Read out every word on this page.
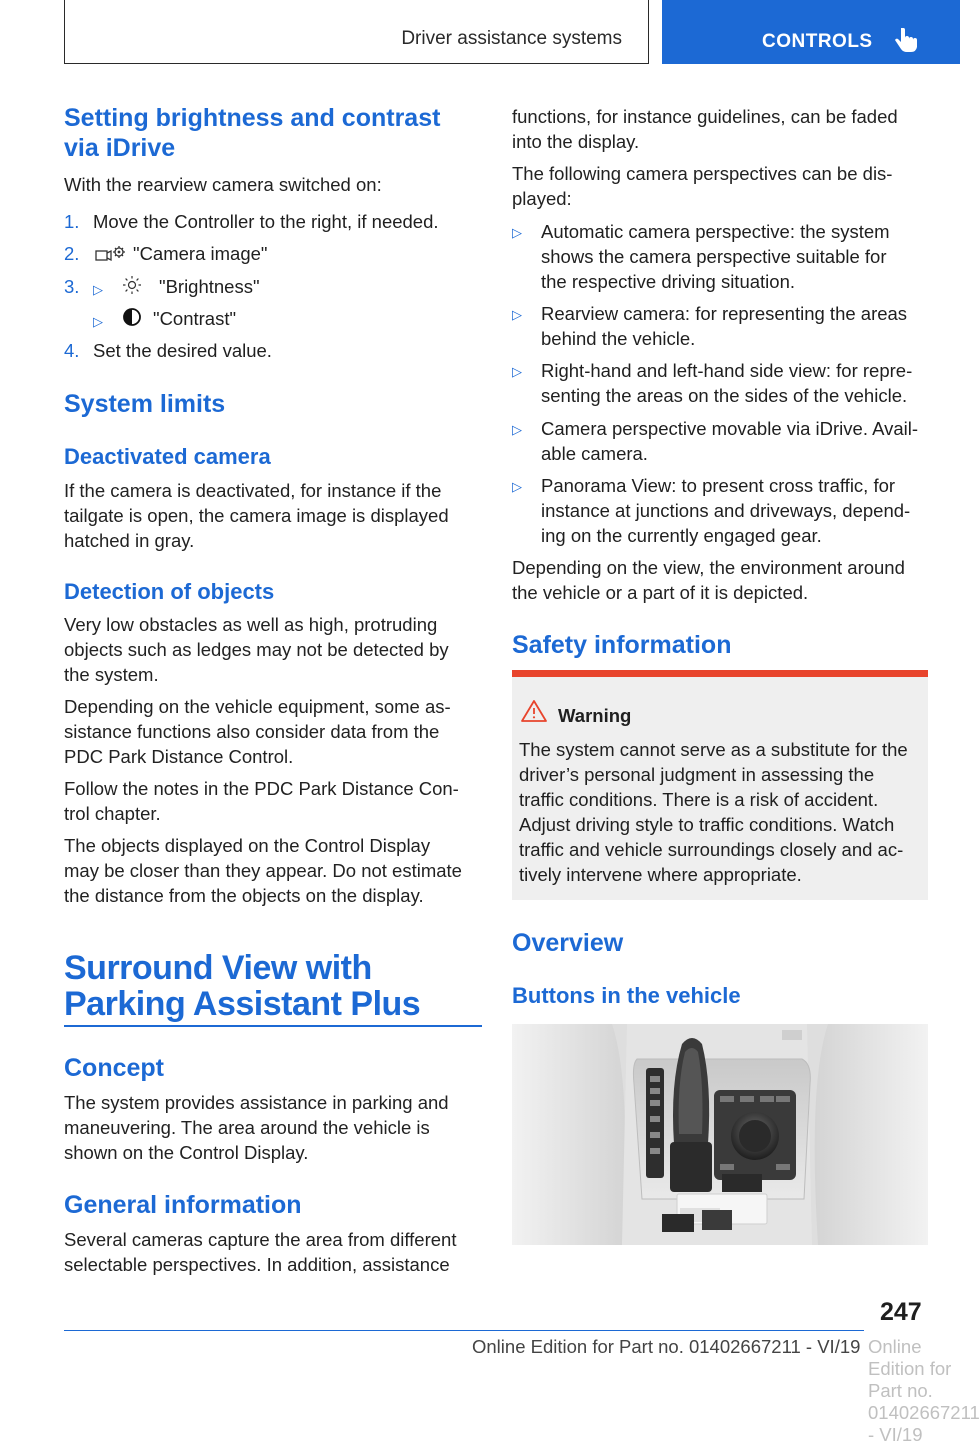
Driver assistance systems	CONTROLS
Setting brightness and contrast
via iDrive
With the rearview camera switched on:
1. Move the Controller to the right, if needed.
2.	"Camera image"
3. ▷	"Brightness"
▷	"Contrast"
4. Set the desired value.
System limits
Deactivated camera
If the camera is deactivated, for instance if the
tailgate is open, the camera image is displayed
hatched in gray.
Detection of objects
Very low obstacles as well as high, protruding
objects such as ledges may not be detected by
the system.
Depending on the vehicle equipment, some as-
sistance functions also consider data from the
PDC Park Distance Control.
Follow the notes in the PDC Park Distance Con-
trol chapter.
The objects displayed on the Control Display
may be closer than they appear. Do not estimate
the distance from the objects on the display.
Surround View with
Parking Assistant Plus
Concept
The system provides assistance in parking and
maneuvering. The area around the vehicle is
shown on the Control Display.
General information
Several cameras capture the area from different
selectable perspectives. In addition, assistance
functions, for instance guidelines, can be faded
into the display.
The following camera perspectives can be dis-
played:
▷ Automatic camera perspective: the system
shows the camera perspective suitable for
the respective driving situation.
▷ Rearview camera: for representing the areas
behind the vehicle.
▷ Right-hand and left-hand side view: for repre-
senting the areas on the sides of the vehicle.
▷ Camera perspective movable via iDrive. Avail-
able camera.
▷ Panorama View: to present cross traffic, for
instance at junctions and driveways, depend-
ing on the currently engaged gear.
Depending on the view, the environment around
the vehicle or a part of it is depicted.
Safety information
Overview
Buttons in the vehicle
Warning
The system cannot serve as a substitute for the
driver’s personal judgment in assessing the
traffic conditions. There is a risk of accident.
Adjust driving style to traffic conditions. Watch
traffic and vehicle surroundings closely and ac-
tively intervene where appropriate.
247
Online Edition for Part no. 01402667211 - VI/19 Online Edition for Part no. 01402667211 - VI/19
